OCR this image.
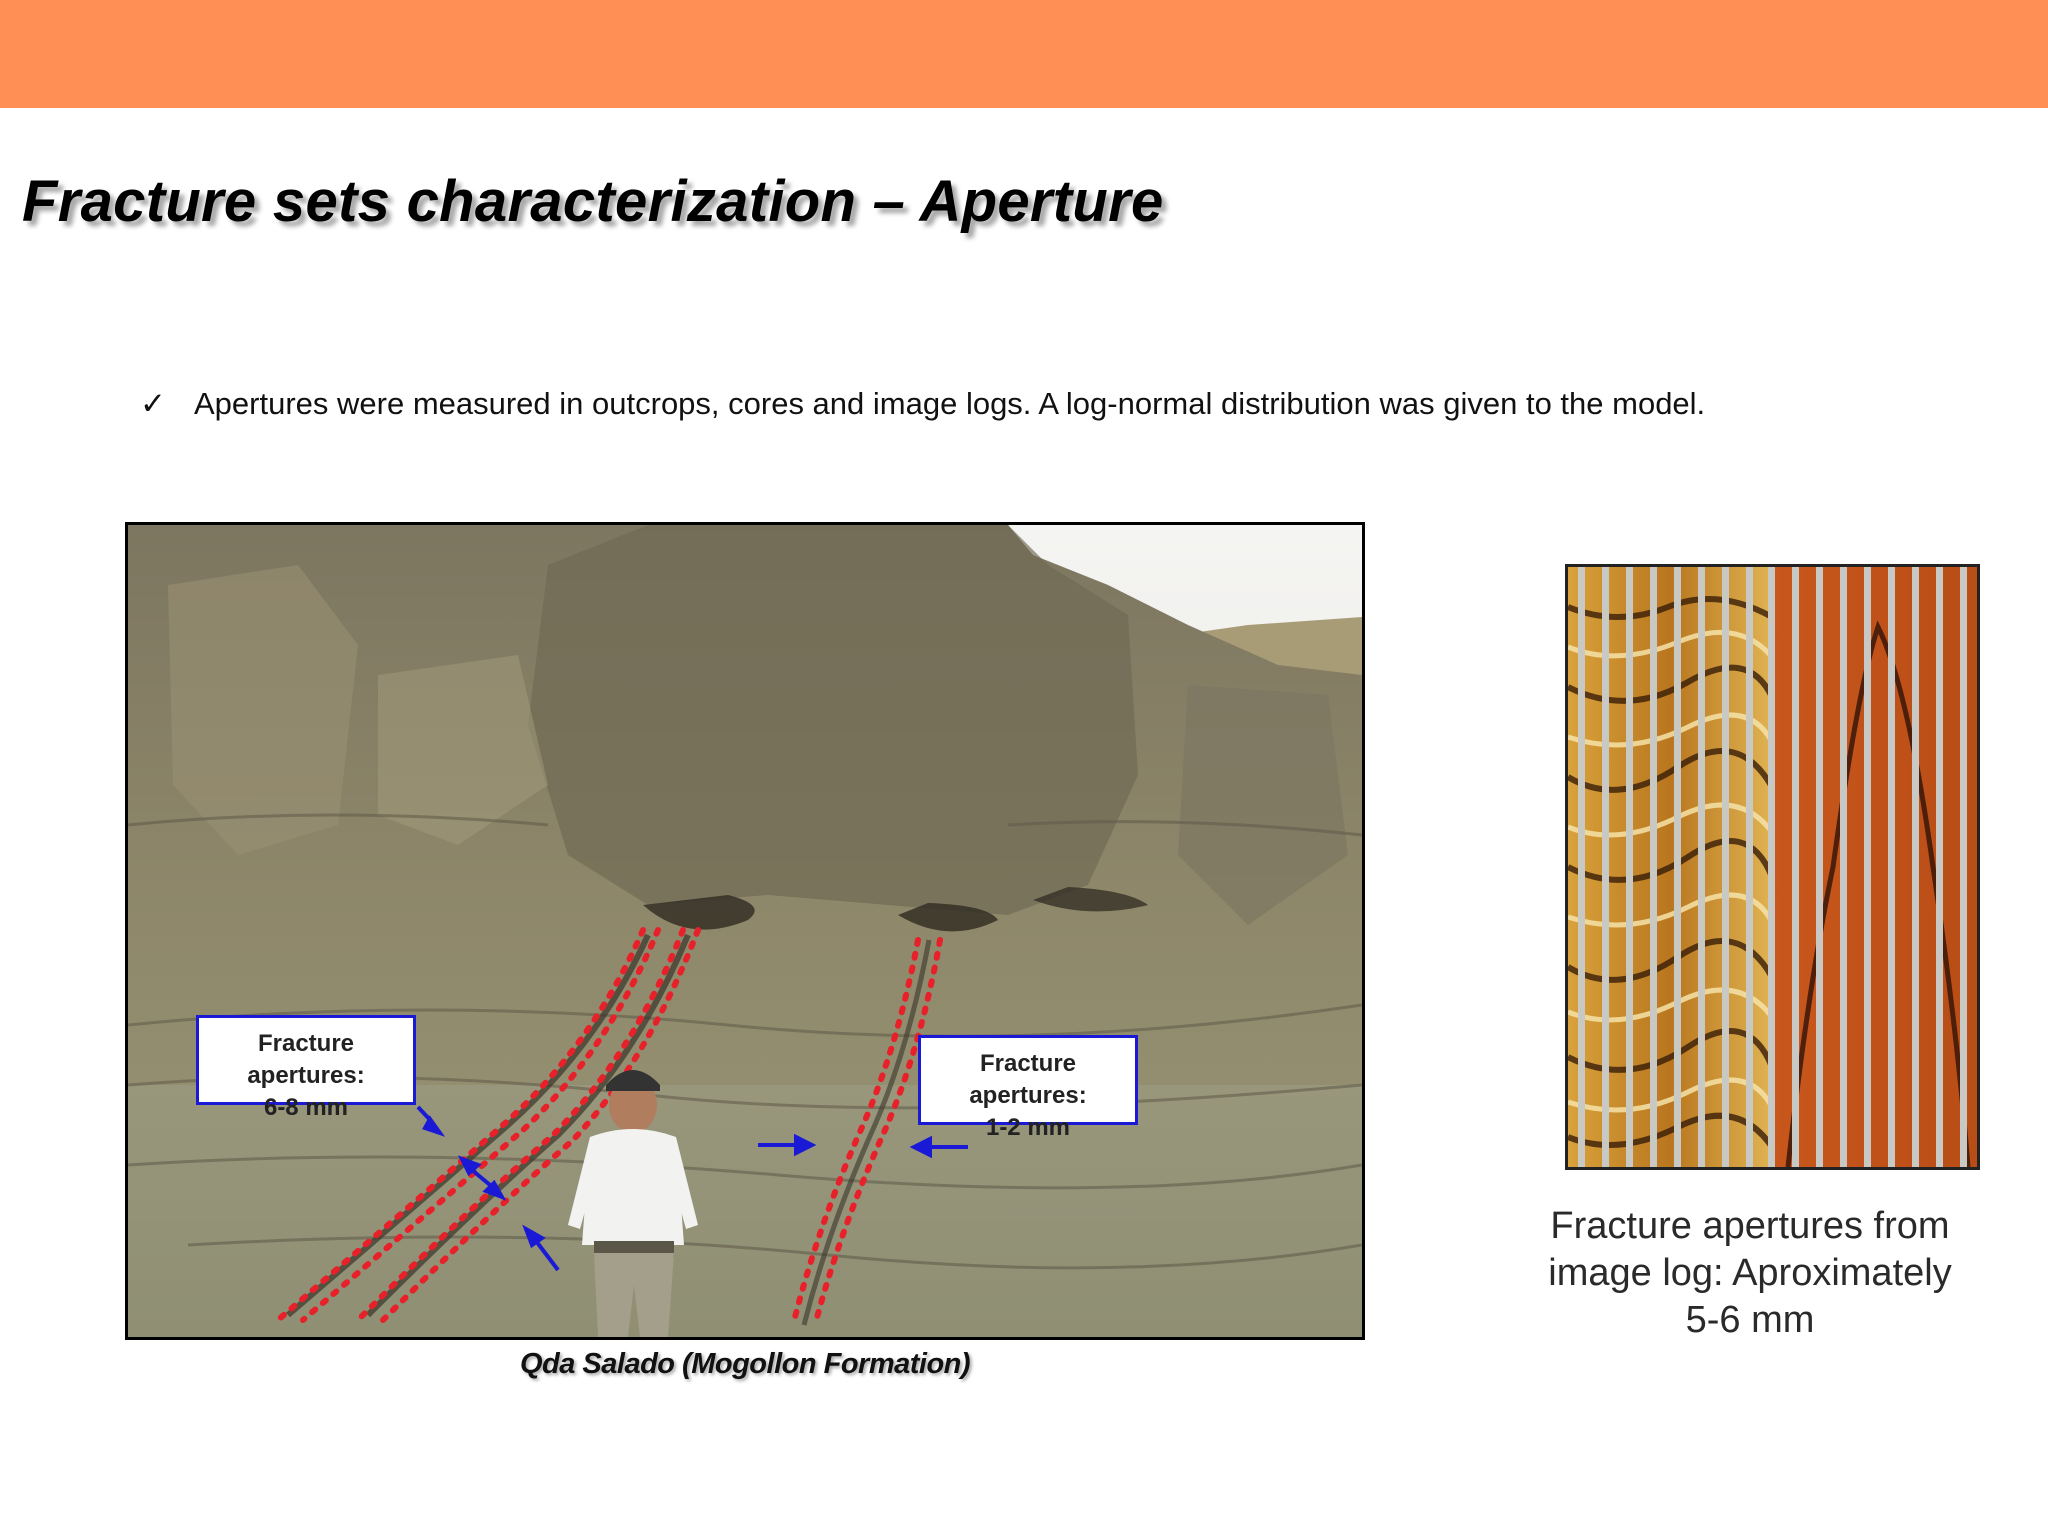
Fracture sets characterization – Aperture
✓ Apertures were measured in outcrops, cores and image logs. A log-normal distribution was given to the model.
Fracture apertures:
6-8 mm
Fracture apertures:
1-2 mm
Qda Salado (Mogollon Formation)
Fracture apertures from
image log: Aproximately
5-6 mm
